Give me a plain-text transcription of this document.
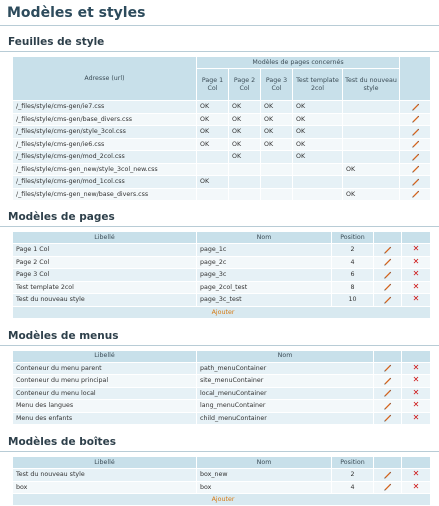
Modèles et styles
Feuilles de style
Adresse (url)	Modèles de pages concernés					
	Page 1 Col	Page 2 Col	Page 3 Col	Test template 2col	Test du nouveau style	
/_files/style/cms-gen/ie7.css	OK	OK	OK	OK		
/_files/style/cms-gen/base_divers.css	OK	OK	OK	OK		
/_files/style/cms-gen/style_3col.css	OK	OK	OK	OK		
/_files/style/cms-gen/ie6.css	OK	OK	OK	OK		
/_files/style/cms-gen/mod_2col.css		OK		OK		
/_files/style/cms-gen_new/style_3col_new.css					OK	
/_files/style/cms-gen/mod_1col.css	OK					
/_files/style/cms-gen_new/base_divers.css					OK	
Modèles de pages
Libellé	Nom	Position		
Page 1 Col	page_1c	2		✕
Page 2 Col	page_2c	4		✕
Page 3 Col	page_3c	6		✕
Test template 2col	page_2col_test	8		✕
Test du nouveau style	page_3c_test	10		✕
Ajouter				
Modèles de menus
Libellé	Nom		
Conteneur du menu parent	path_menuContainer		✕
Conteneur du menu principal	site_menuContainer		✕
Conteneur du menu local	local_menuContainer		✕
Menu des langues	lang_menuContainer		✕
Menu des enfants	child_menuContainer		✕
Modèles de boîtes
Libellé	Nom	Position		
Test du nouveau style	box_new	2		✕
box	box	4		✕
Ajouter				
